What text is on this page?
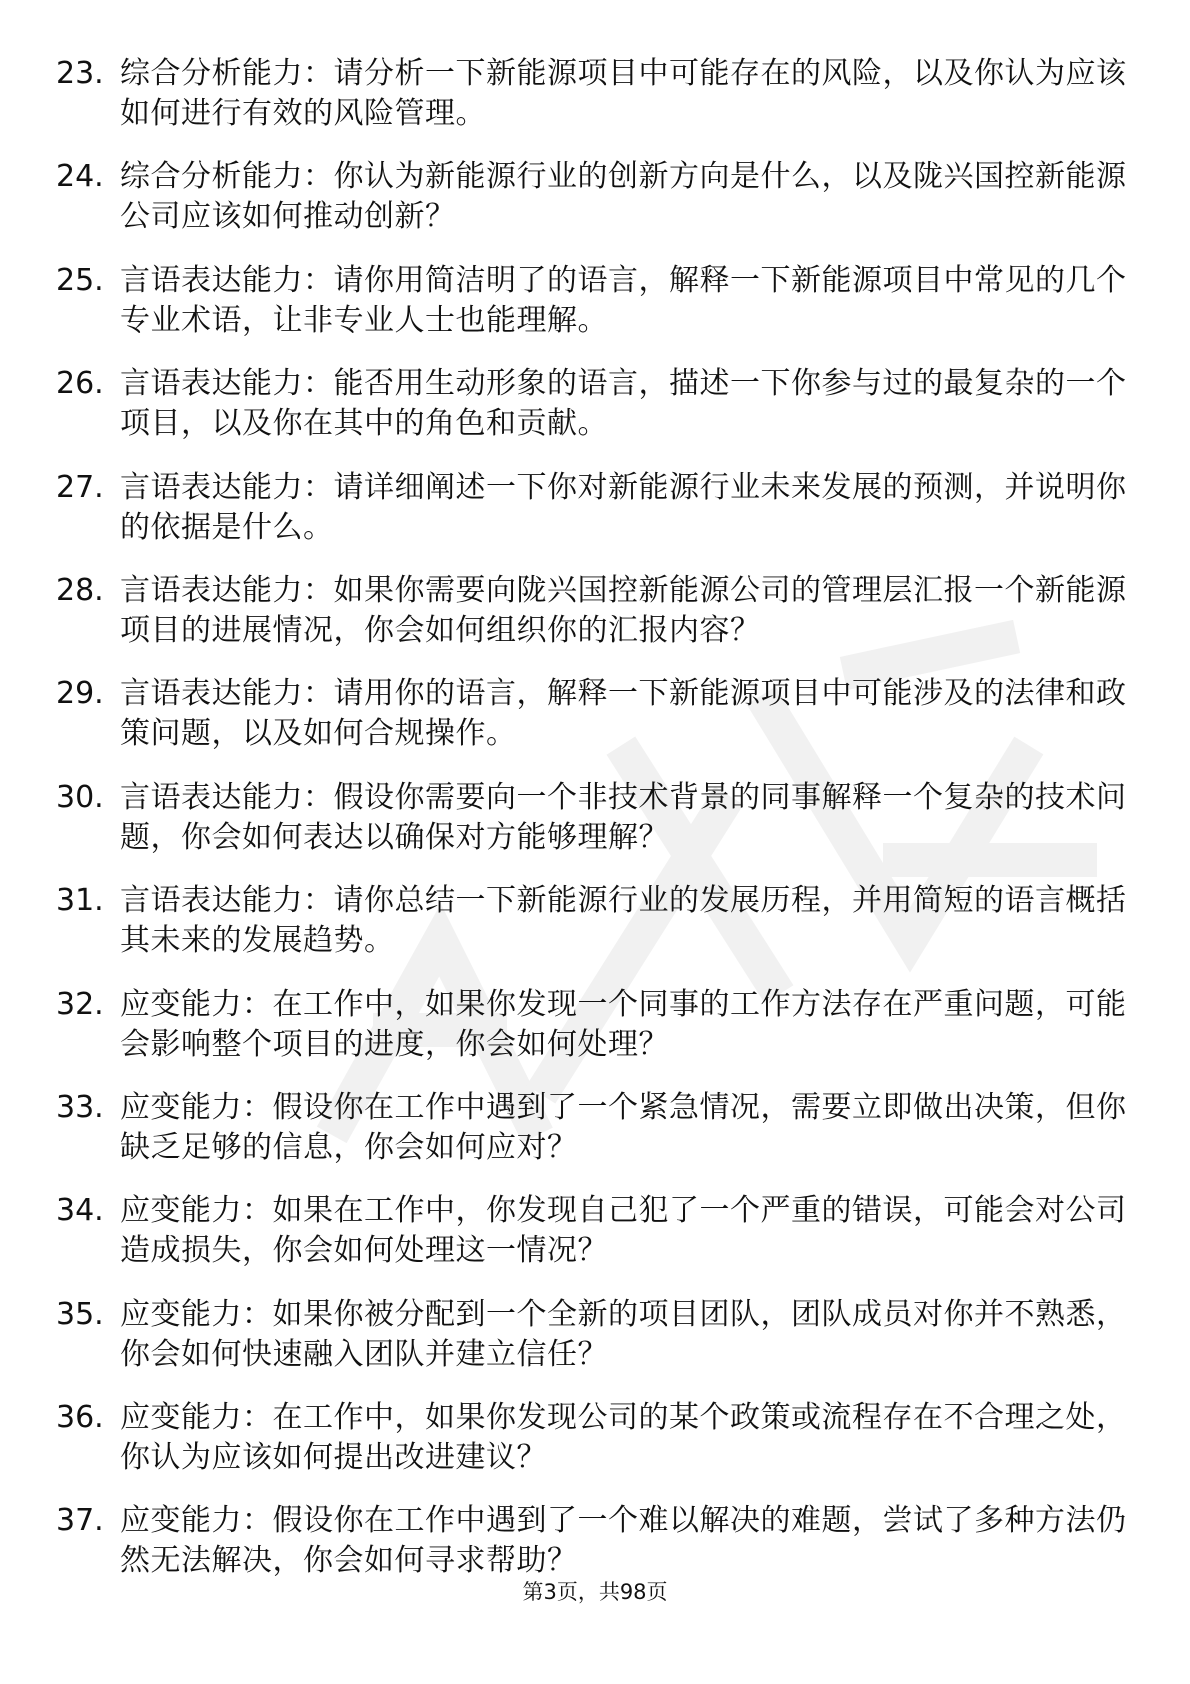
23. 综合分析能力：请分析一下新能源项目中可能存在的风险，以及你认为应该如何进行有效的风险管理。
24. 综合分析能力：你认为新能源行业的创新方向是什么，以及陇兴国控新能源公司应该如何推动创新？
25. 言语表达能力：请你用简洁明了的语言，解释一下新能源项目中常见的几个专业术语，让非专业人士也能理解。
26. 言语表达能力：能否用生动形象的语言，描述一下你参与过的最复杂的一个项目，以及你在其中的角色和贡献。
27. 言语表达能力：请详细阐述一下你对新能源行业未来发展的预测，并说明你的依据是什么。
28. 言语表达能力：如果你需要向陇兴国控新能源公司的管理层汇报一个新能源项目的进展情况，你会如何组织你的汇报内容？
29. 言语表达能力：请用你的语言，解释一下新能源项目中可能涉及的法律和政策问题，以及如何合规操作。
30. 言语表达能力：假设你需要向一个非技术背景的同事解释一个复杂的技术问题，你会如何表达以确保对方能够理解？
31. 言语表达能力：请你总结一下新能源行业的发展历程，并用简短的语言概括其未来的发展趋势。
32. 应变能力：在工作中，如果你发现一个同事的工作方法存在严重问题，可能会影响整个项目的进度，你会如何处理？
33. 应变能力：假设你在工作中遇到了一个紧急情况，需要立即做出决策，但你缺乏足够的信息，你会如何应对？
34. 应变能力：如果在工作中，你发现自己犯了一个严重的错误，可能会对公司造成损失，你会如何处理这一情况？
35. 应变能力：如果你被分配到一个全新的项目团队，团队成员对你并不熟悉，你会如何快速融入团队并建立信任？
36. 应变能力：在工作中，如果你发现公司的某个政策或流程存在不合理之处，你认为应该如何提出改进建议？
37. 应变能力：假设你在工作中遇到了一个难以解决的难题，尝试了多种方法仍然无法解决，你会如何寻求帮助？
第3页，共98页
